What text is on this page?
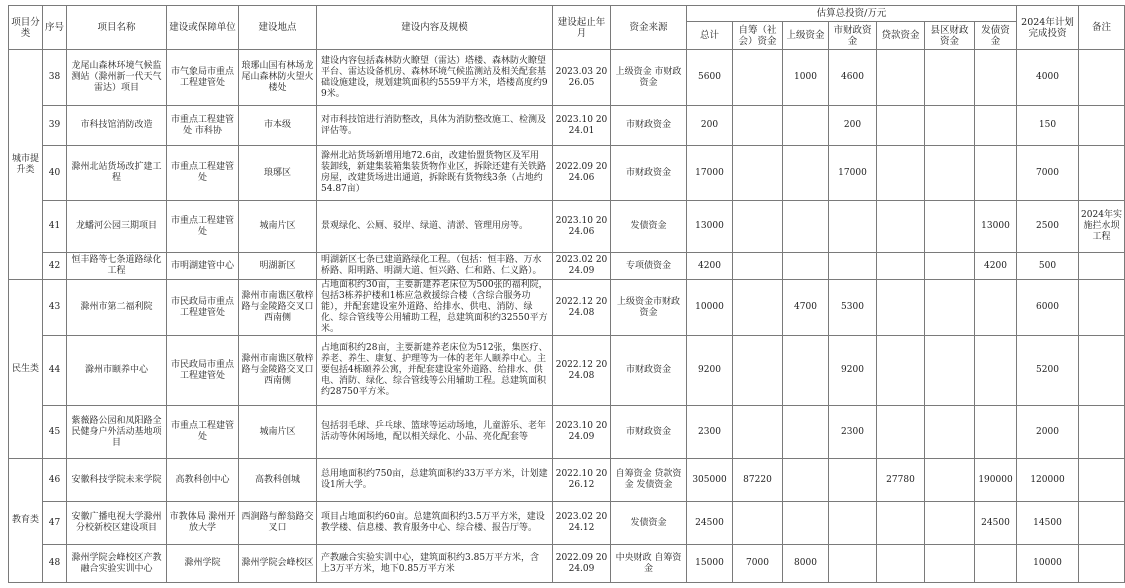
项目分类	序号	项目名称	建设或保障单位	建设地点	建设内容及规模	建设起止年月	资金来源	估算总投资/万元							2024年计划完成投资	备注
								总计	自筹（社会）资金	上级资金	市财政资金	贷款资金	县区财政资金	发债资金		
城市提升类	38	龙尾山森林环境气候监测站（滁州新一代天气雷达）项目	市气象局市重点工程建管处	琅琊山国有林场龙尾山森林防火望火楼处	建设内容包括森林防火瞭望（雷达）塔楼、森林防火瞭望平台、雷达设备机房、森林环境气候监测站及相关配套基础设施建设，规划建筑面积约5559平方米，塔楼高度约99米。	2023.03 2026.05	上级资金 市财政资金	5600		1000	4600				4000	
	39	市科技馆消防改造	市重点工程建管处 市科协	市本级	对市科技馆进行消防整改，具体为消防整改施工、检测及评估等。	2023.10 2024.01	市财政资金	200			200				150	
	40	滁州北站货场改扩建工程	市重点工程建管处	琅琊区	滁州北站货场新增用地72.6亩，改建怡盟货物区及军用装卸线，新建集装箱集装货物作业区，拆除还建有关铁路房屋，改建货场进出通道，拆除既有货物线3条（占地约54.87亩）	2022.09 2024.06	市财政资金	17000			17000				7000	
	41	龙蟠河公园三期项目	市重点工程建管处	城南片区	景观绿化、公厕、驳岸、绿道、清淤、管理用房等。	2023.10 2024.06	发债资金	13000						13000	2500	2024年实施拦水坝工程
	42	恒丰路等七条道路绿化工程	市明湖建管中心	明湖新区	明湖新区七条已建道路绿化工程。（包括：恒丰路、万水桥路、阳明路、明湖大道、恒兴路、仁和路、仁义路）。	2023.02 2024.09	专项债资金	4200						4200	500	
民生类	43	滁州市第二福利院	市民政局市重点工程建管处	滁州市南谯区敬梓路与金陵路交叉口西南侧	占地面积约30亩，主要新建养老床位为500张的福利院，包括3栋养护楼和1栋应急救援综合楼（含综合服务功能），并配套建设室外道路、给排水、供电、消防、绿化、综合管线等公用辅助工程，总建筑面积约32550平方米。	2022.12 2024.08	上级资金市财政资金	10000		4700	5300				6000	
	44	滁州市颐养中心	市民政局市重点工程建管处	滁州市南谯区敬梓路与金陵路交叉口西南侧	占地面积约28亩，主要新建养老床位为512张，集医疗、养老、养生、康复、护理等为一体的老年人颐养中心。主要包括4栋颐养公寓，并配套建设室外道路、给排水、供电、消防、绿化、综合管线等公用辅助工程。总建筑面积约28750平方米。	2022.12 2024.08	市财政资金	9200			9200				5200	
	45	紫薇路公园和凤阳路全民健身户外活动基地项目	市重点工程建管处	城南片区	包括羽毛球、乒乓球、篮球等运动场地，儿童游乐、老年活动等休闲场地，配以相关绿化、小品、亮化配套等	2023.10 2024.09	市财政资金	2300			2300				2000	
教育类	46	安徽科技学院未来学院	高教科创中心	高教科创城	总用地面积约750亩，总建筑面积约33万平方米，计划建设1所大学。	2022.10 2026.12	自筹资金 贷款资金 发债资金	305000	87220			27780		190000	120000	
	47	安徽广播电视大学滁州分校新校区建设项目	市教体局 滁州开放大学	西涧路与醉翁路交叉口	项目占地面积约60亩。总建筑面积约3.5万平方米，建设教学楼、信息楼、教育服务中心、综合楼、报告厅等。	2023.02 2024.12	发债资金	24500						24500	14500	
	48	滁州学院会峰校区产教融合实验实训中心	滁州学院	滁州学院会峰校区	产教融合实验实训中心，建筑面积约3.85万平方米，含上3万平方米，地下0.85万平方米	2022.09 2024.09	中央财政 自筹资金	15000	7000	8000					10000	
